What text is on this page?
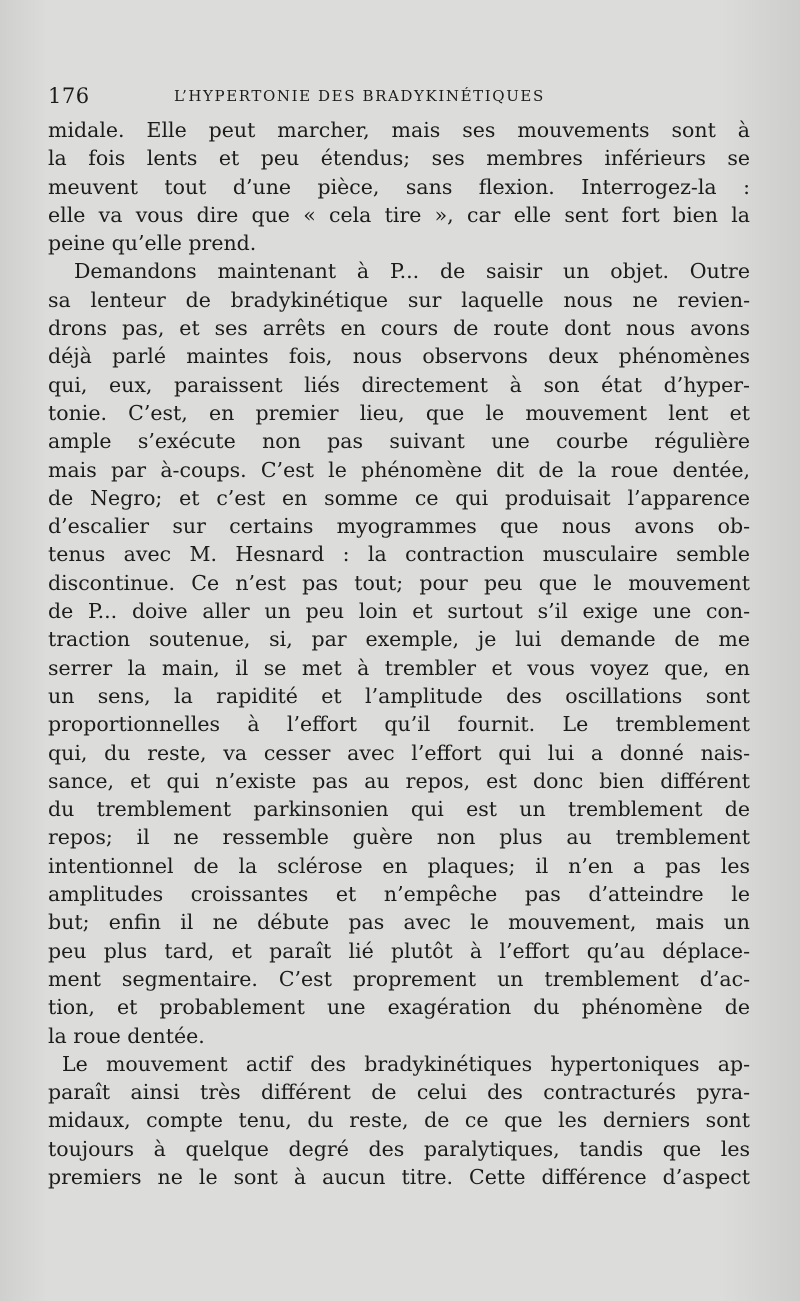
176	L’HYPERTONIE DES BRADYKINÉTIQUES
midale. Elle peut marcher, mais ses mouvements sont à
la fois lents et peu étendus; ses membres inférieurs se
meuvent tout d’une pièce, sans flexion. Interrogez-la :
elle va vous dire que « cela tire », car elle sent fort bien la
peine qu’elle prend.
Demandons maintenant à P... de saisir un objet. Outre
sa lenteur de bradykinétique sur laquelle nous ne revien-
drons pas, et ses arrêts en cours de route dont nous avons
déjà parlé maintes fois, nous observons deux phénomènes
qui, eux, paraissent liés directement à son état d’hyper-
tonie. C’est, en premier lieu, que le mouvement lent et
ample s’exécute non pas suivant une courbe régulière
mais par à-coups. C’est le phénomène dit de la roue dentée,
de Negro; et c’est en somme ce qui produisait l’apparence
d’escalier sur certains myogrammes que nous avons ob-
tenus avec M. Hesnard : la contraction musculaire semble
discontinue. Ce n’est pas tout; pour peu que le mouvement
de P... doive aller un peu loin et surtout s’il exige une con-
traction soutenue, si, par exemple, je lui demande de me
serrer la main, il se met à trembler et vous voyez que, en
un sens, la rapidité et l’amplitude des oscillations sont
proportionnelles à l’effort qu’il fournit. Le tremblement
qui, du reste, va cesser avec l’effort qui lui a donné nais-
sance, et qui n’existe pas au repos, est donc bien différent
du tremblement parkinsonien qui est un tremblement de
repos; il ne ressemble guère non plus au tremblement
intentionnel de la sclérose en plaques; il n’en a pas les
amplitudes croissantes et n’empêche pas d’atteindre le
but; enfin il ne débute pas avec le mouvement, mais un
peu plus tard, et paraît lié plutôt à l’effort qu’au déplace-
ment segmentaire. C’est proprement un tremblement d’ac-
tion, et probablement une exagération du phénomène de
la roue dentée.
Le mouvement actif des bradykinétiques hypertoniques ap-
paraît ainsi très différent de celui des contracturés pyra-
midaux, compte tenu, du reste, de ce que les derniers sont
toujours à quelque degré des paralytiques, tandis que les
premiers ne le sont à aucun titre. Cette différence d’aspect
